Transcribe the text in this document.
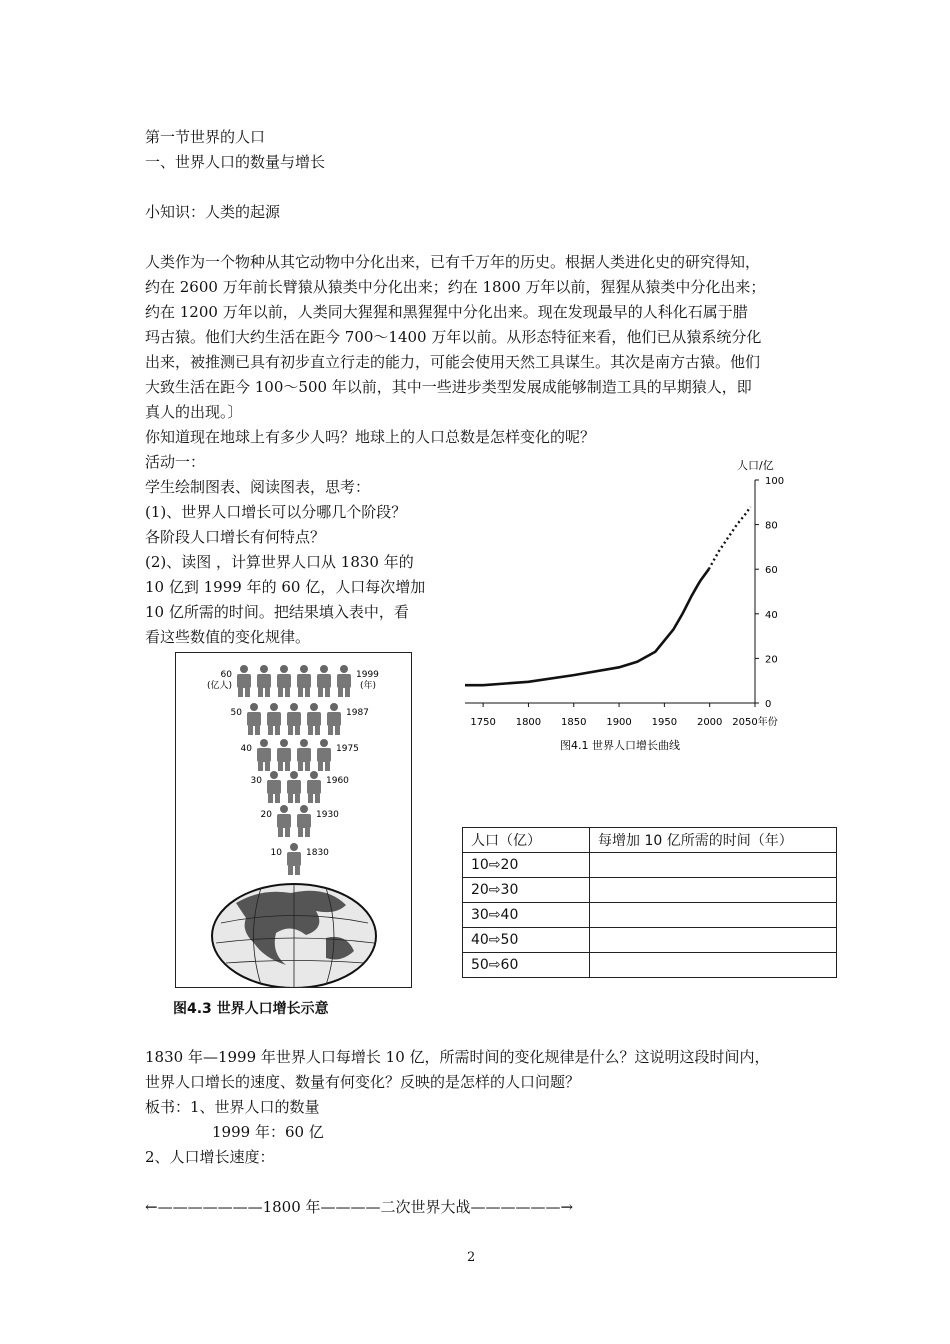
第一节世界的人口
一、世界人口的数量与增长
小知识：人类的起源
人类作为一个物种从其它动物中分化出来，已有千万年的历史。根据人类进化史的研究得知，
约在 2600 万年前长臂猿从猿类中分化出来；约在 1800 万年以前，猩猩从猿类中分化出来；
约在 1200 万年以前，人类同大猩猩和黑猩猩中分化出来。现在发现最早的人科化石属于腊
玛古猿。他们大约生活在距今 700～1400 万年以前。从形态特征来看，他们已从猿系统分化
出来，被推测已具有初步直立行走的能力，可能会使用天然工具谋生。其次是南方古猿。他们
大致生活在距今 100～500 年以前，其中一些进步类型发展成能够制造工具的早期猿人，即
真人的出现。〕
你知道现在地球上有多少人吗？地球上的人口总数是怎样变化的呢？
活动一：
学生绘制图表、阅读图表，思考：
(1)、世界人口增长可以分哪几个阶段？
各阶段人口增长有何特点？
(2)、读图 ，计算世界人口从 1830 年的
10 亿到 1999 年的 60 亿，人口每次增加
10 亿所需的时间。把结果填入表中，看
看这些数值的变化规律。
0
20
40
60
80
100
1750 1800 1850 1900 1950 2000 2050年份
人口/亿
图4.1 世界人口增长曲线
60	1999
(亿人)	(年)
50	1987
40	1975
30	1960
20	1930
10	1830
图4.3 世界人口增长示意
人口（亿）	每增加 10 亿所需的时间（年）
10⇨20	
20⇨30	
30⇨40	
40⇨50	
50⇨60	
1830 年—1999 年世界人口每增长 10 亿，所需时间的变化规律是什么？这说明这段时间内，
世界人口增长的速度、数量有何变化？反映的是怎样的人口问题？
板书：1、世界人口的数量
1999 年：60 亿
2、人口增长速度：
←———————1800 年————二次世界大战——————→
2
